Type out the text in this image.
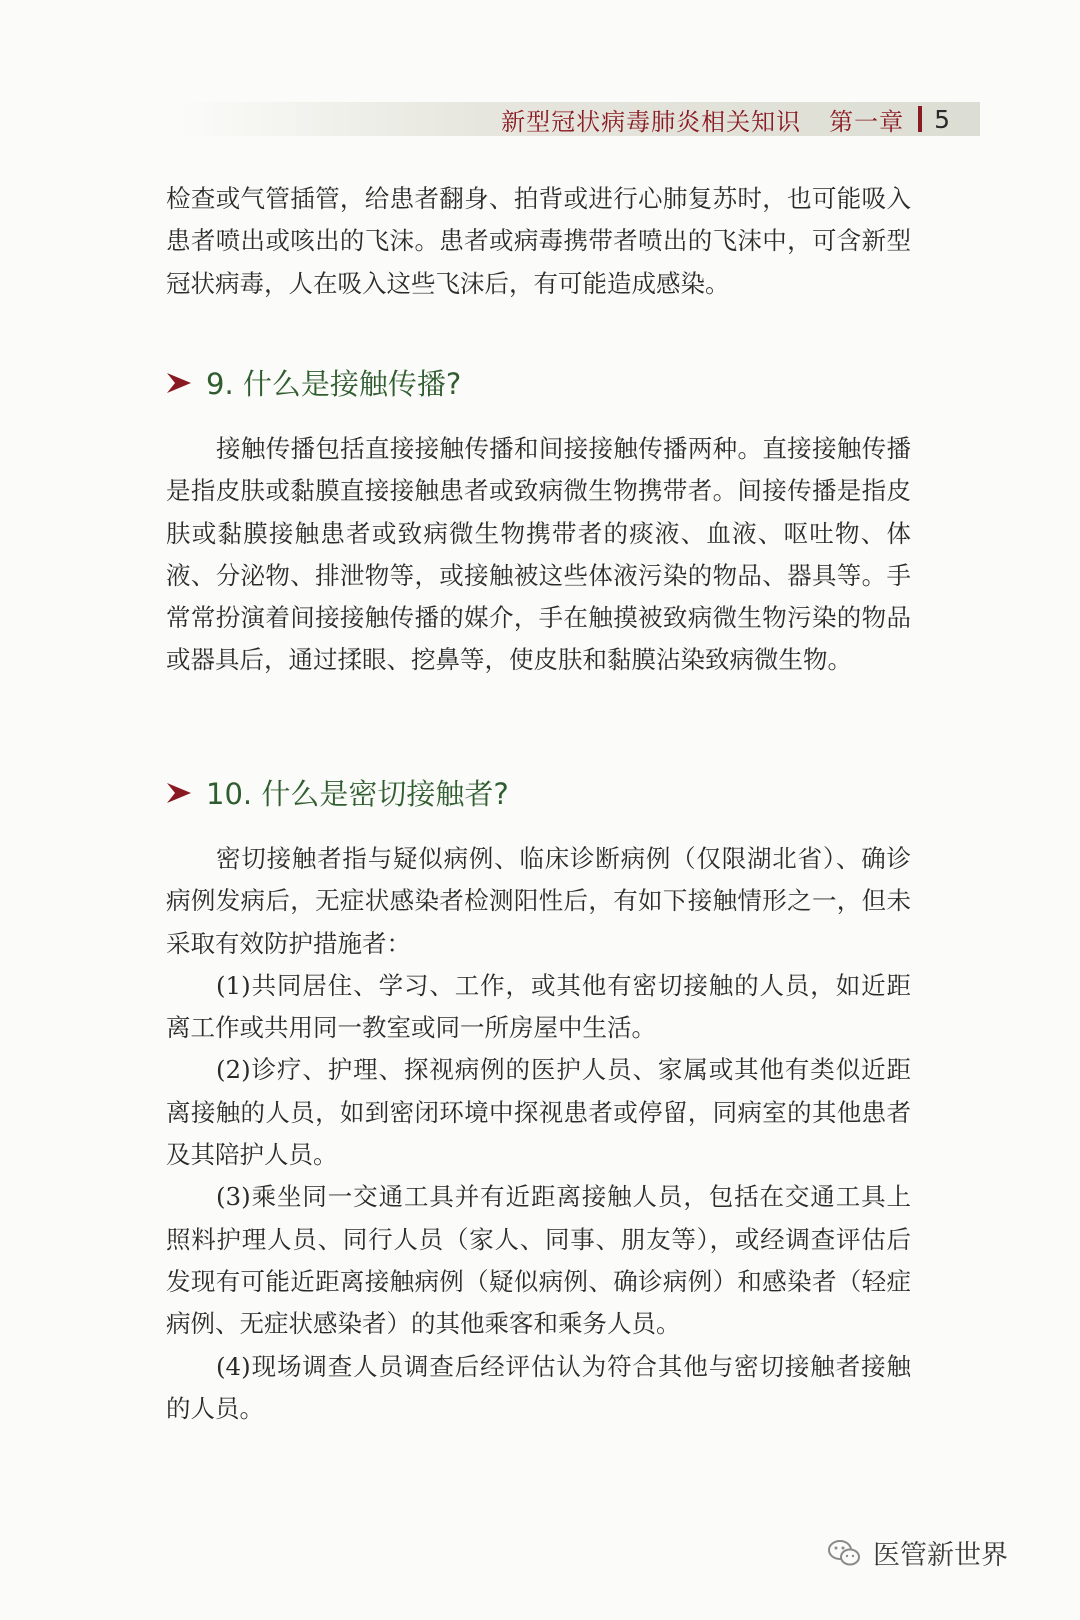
新型冠状病毒肺炎相关知识 第一章 5

检查或气管插管，给患者翻身、拍背或进行心肺复苏时，也可能吸入患者喷出或咳出的飞沫。患者或病毒携带者喷出的飞沫中，可含新型冠状病毒，人在吸入这些飞沫后，有可能造成感染。

9. 什么是接触传播?

接触传播包括直接接触传播和间接接触传播两种。直接接触传播是指皮肤或黏膜直接接触患者或致病微生物携带者。间接传播是指皮肤或黏膜接触患者或致病微生物携带者的痰液、血液、呕吐物、体液、分泌物、排泄物等，或接触被这些体液污染的物品、器具等。手常常扮演着间接接触传播的媒介，手在触摸被致病微生物污染的物品或器具后，通过揉眼、挖鼻等，使皮肤和黏膜沾染致病微生物。

10. 什么是密切接触者?

密切接触者指与疑似病例、临床诊断病例（仅限湖北省）、确诊病例发病后，无症状感染者检测阳性后，有如下接触情形之一，但未采取有效防护措施者：

(1)共同居住、学习、工作，或其他有密切接触的人员，如近距离工作或共用同一教室或同一所房屋中生活。

(2)诊疗、护理、探视病例的医护人员、家属或其他有类似近距离接触的人员，如到密闭环境中探视患者或停留，同病室的其他患者及其陪护人员。

(3)乘坐同一交通工具并有近距离接触人员，包括在交通工具上照料护理人员、同行人员（家人、同事、朋友等），或经调查评估后发现有可能近距离接触病例（疑似病例、确诊病例）和感染者（轻症病例、无症状感染者）的其他乘客和乘务人员。

(4)现场调查人员调查后经评估认为符合其他与密切接触者接触的人员。

医管新世界
